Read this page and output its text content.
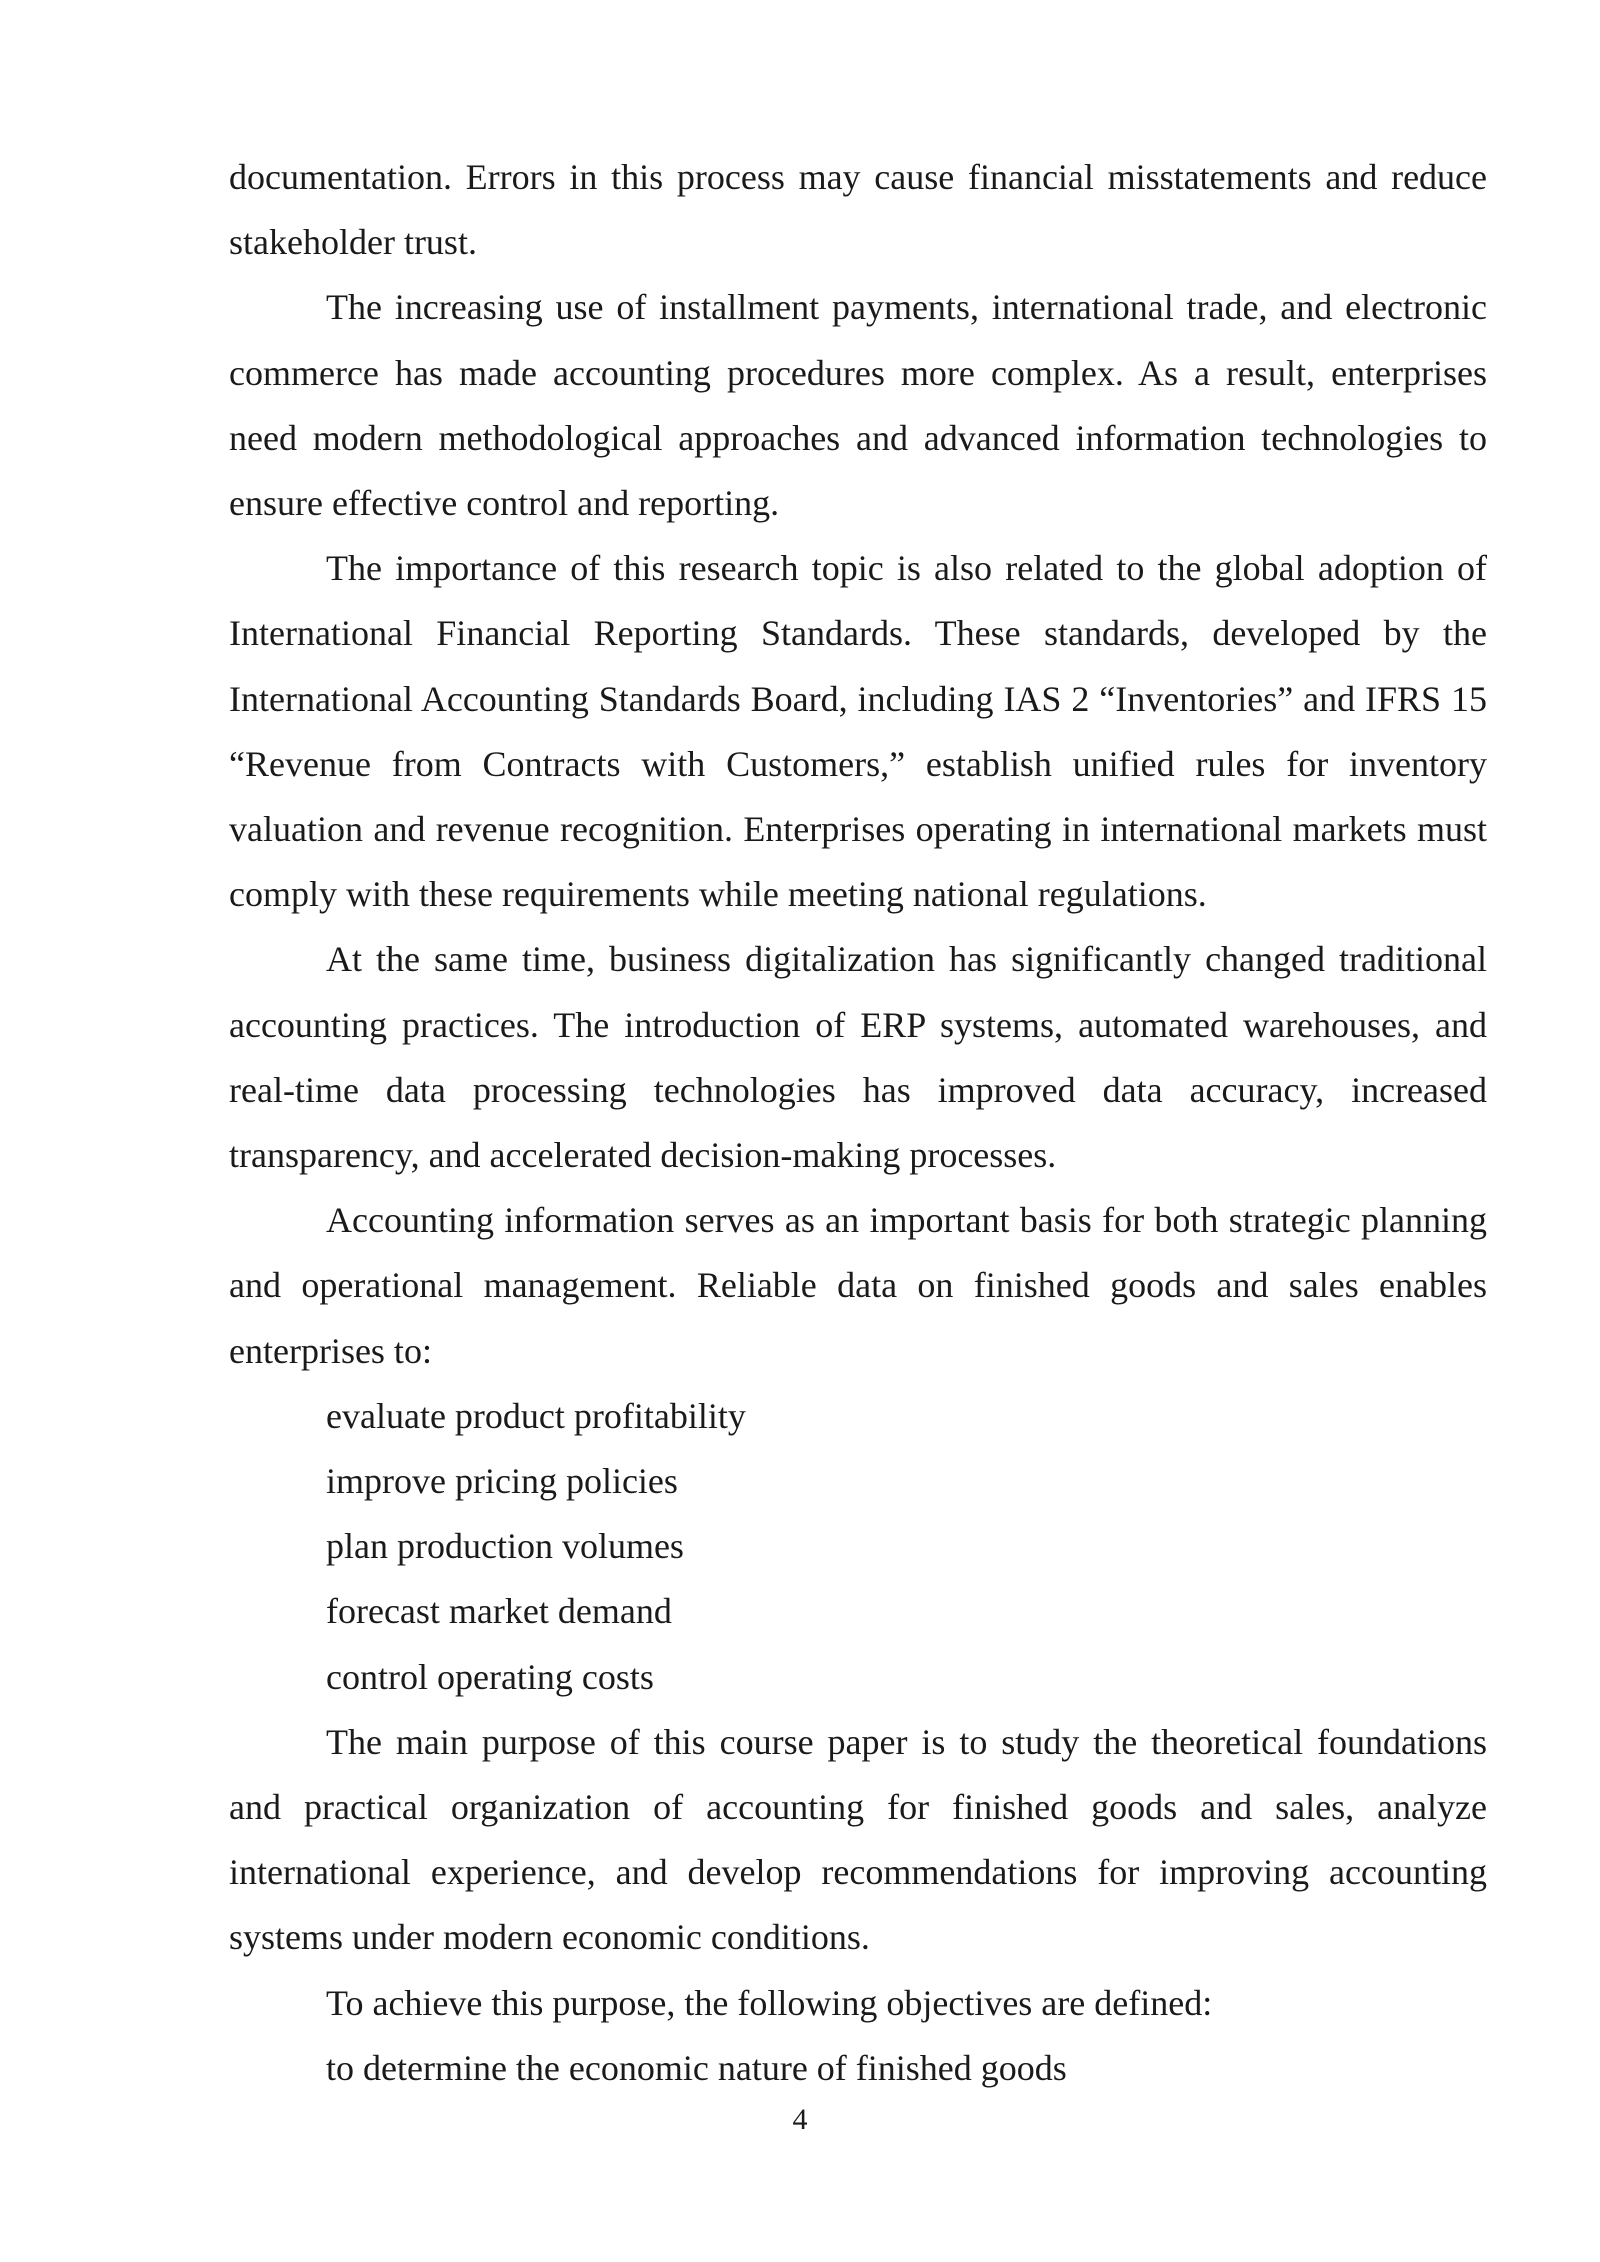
documentation. Errors in this process may cause financial misstatements and reduce stakeholder trust.

The increasing use of installment payments, international trade, and electronic commerce has made accounting procedures more complex. As a result, enterprises need modern methodological approaches and advanced information technologies to ensure effective control and reporting.

The importance of this research topic is also related to the global adoption of International Financial Reporting Standards. These standards, developed by the International Accounting Standards Board, including IAS 2 “Inventories” and IFRS 15 “Revenue from Contracts with Customers,” establish unified rules for inventory valuation and revenue recognition. Enterprises operating in international markets must comply with these requirements while meeting national regulations.

At the same time, business digitalization has significantly changed traditional accounting practices. The introduction of ERP systems, automated warehouses, and real-time data processing technologies has improved data accuracy, increased transparency, and accelerated decision-making processes.

Accounting information serves as an important basis for both strategic planning and operational management. Reliable data on finished goods and sales enables enterprises to:

evaluate product profitability
improve pricing policies
plan production volumes
forecast market demand
control operating costs

The main purpose of this course paper is to study the theoretical foundations and practical organization of accounting for finished goods and sales, analyze international experience, and develop recommendations for improving accounting systems under modern economic conditions.

To achieve this purpose, the following objectives are defined:

to determine the economic nature of finished goods
4
